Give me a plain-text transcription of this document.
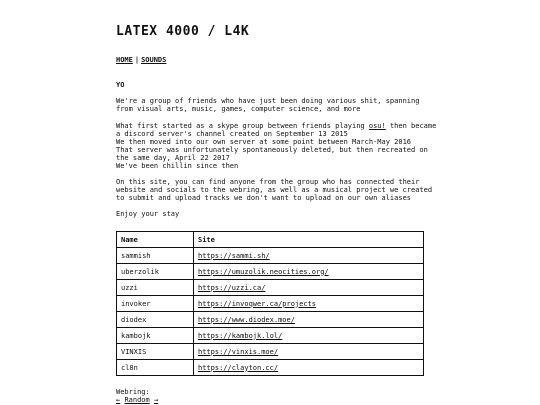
LATEX 4000 / L4K
HOME | SOUNDS
YO
We're a group of friends who have just been doing various shit, spanning
from visual arts, music, games, computer science, and more
What first started as a skype group between friends playing osu! then became
a discord server's channel created on September 13 2015
We then moved into our own server at some point between March-May 2016
That server was unfortunately spontaneously deleted, but then recreated on
the same day, April 22 2017
We've been chillin since then
On this site, you can find anyone from the group who has connected their
website and socials to the webring, as well as a musical project we created
to submit and upload tracks we don't want to upload on our own aliases
Enjoy your stay
Name	Site
sammish	https://sammi.sh/
uberzolik	https://umuzolik.neocities.org/
uzzi	https://uzzi.ca/
invoker	https://invoqwer.ca/projects
diodex	https://www.diodex.moe/
kambojk	https://kambojk.lol/
VINXIS	https://vinxis.moe/
cl8n	https://clayton.cc/
Webring:
← Random →
